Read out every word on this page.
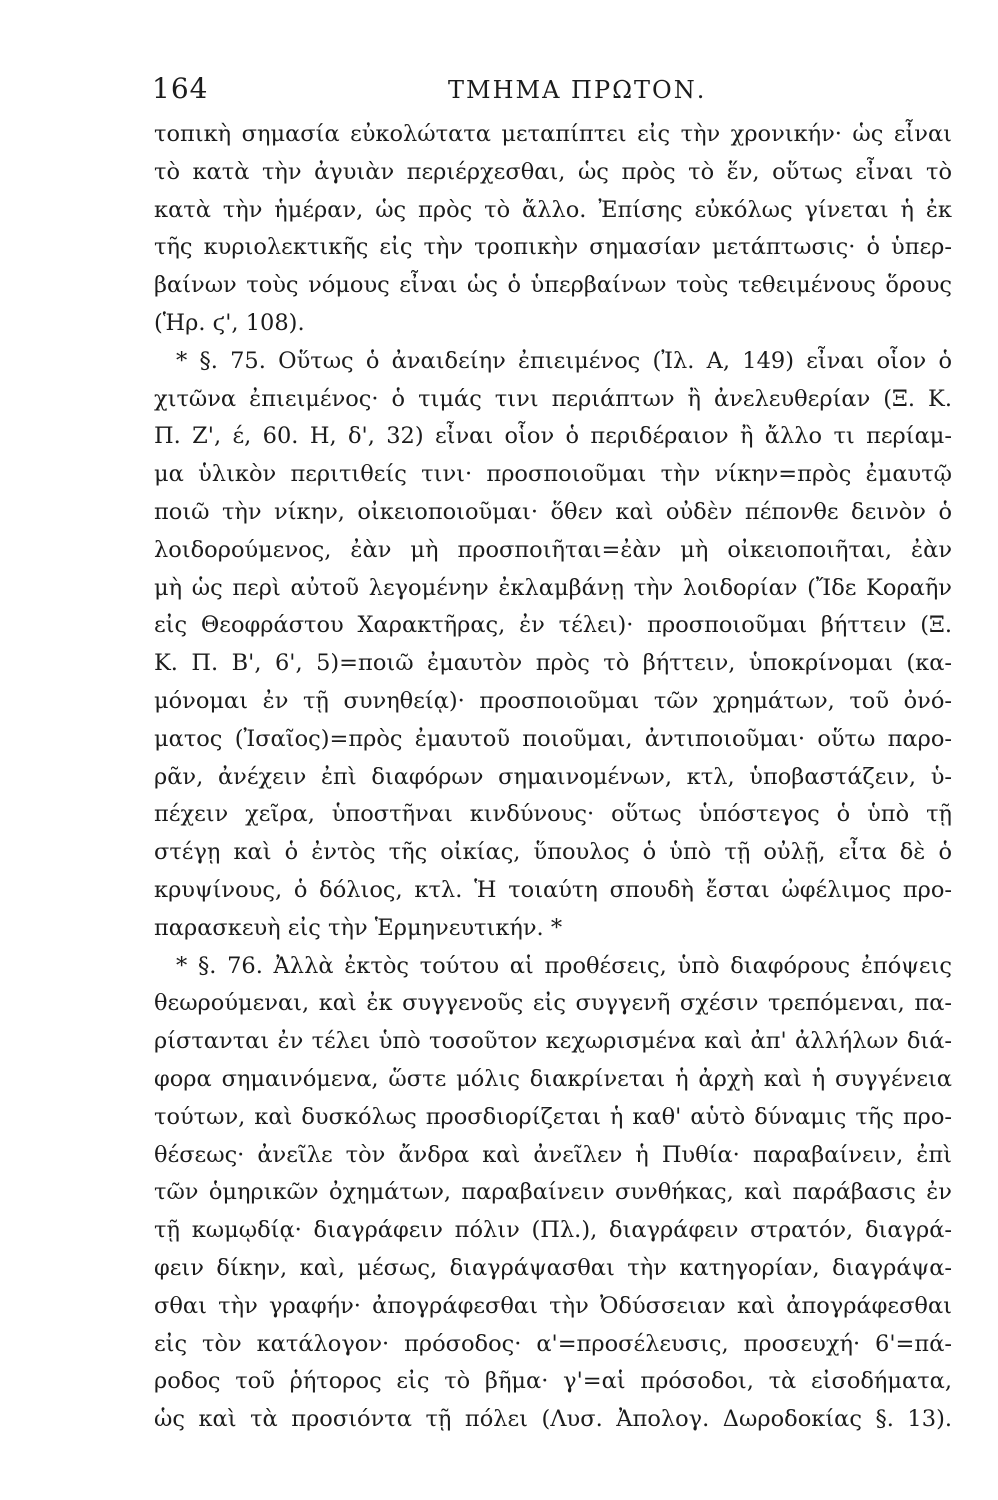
164	ΤΜΗΜΑ ΠΡΩΤΟΝ.
τοπικὴ σημασία εὐκολώτατα μεταπίπτει εἰς τὴν χρονικήν· ὡς εἶναι
τὸ κατὰ τὴν ἀγυιὰν περιέρχεσθαι, ὡς πρὸς τὸ ἕν, οὕτως εἶναι τὸ
κατὰ τὴν ἡμέραν, ὡς πρὸς τὸ ἄλλο. Ἐπίσης εὐκόλως γίνεται ἡ ἐκ
τῆς κυριολεκτικῆς εἰς τὴν τροπικὴν σημασίαν μετάπτωσις· ὁ ὑπερ-
βαίνων τοὺς νόμους εἶναι ὡς ὁ ὑπερβαίνων τοὺς τεθειμένους ὅρους
(Ἡρ. ϛ', 108).
* §. 75. Οὕτως ὁ ἀναιδείην ἐπιειμένος (Ἰλ. Α, 149) εἶναι οἷον ὁ
χιτῶνα ἐπιειμένος· ὁ τιμάς τινι περιάπτων ἢ ἀνελευθερίαν (Ξ. Κ.
Π. Ζ', έ, 60. Η, δ', 32) εἶναι οἷον ὁ περιδέραιον ἢ ἄλλο τι περίαμ-
μα ὑλικὸν περιτιθείς τινι· προσποιοῦμαι τὴν νίκην=πρὸς ἐμαυτῷ
ποιῶ τὴν νίκην, οἰκειοποιοῦμαι· ὅθεν καὶ οὐδὲν πέπονθε δεινὸν ὁ
λοιδορούμενος, ἐὰν μὴ προσποιῆται=ἐὰν μὴ οἰκειοποιῆται, ἐὰν
μὴ ὡς περὶ αὐτοῦ λεγομένην ἐκλαμβάνῃ τὴν λοιδορίαν (Ἴδε Κοραῆν
εἰς Θεοφράστου Χαρακτῆρας, ἐν τέλει)· προσποιοῦμαι βήττειν (Ξ.
Κ. Π. Β', 6', 5)=ποιῶ ἐμαυτὸν πρὸς τὸ βήττειν, ὑποκρίνομαι (κα-
μόνομαι ἐν τῇ συνηθείᾳ)· προσποιοῦμαι τῶν χρημάτων, τοῦ ὀνό-
ματος (Ἰσαῖος)=πρὸς ἐμαυτοῦ ποιοῦμαι, ἀντιποιοῦμαι· οὕτω παρο-
ρᾶν, ἀνέχειν ἐπὶ διαφόρων σημαινομένων, κτλ, ὑποβαστάζειν, ὑ-
πέχειν χεῖρα, ὑποστῆναι κινδύνους· οὕτως ὑπόστεγος ὁ ὑπὸ τῇ
στέγῃ καὶ ὁ ἐντὸς τῆς οἰκίας, ὕπουλος ὁ ὑπὸ τῇ οὐλῇ, εἶτα δὲ ὁ
κρυψίνους, ὁ δόλιος, κτλ. Ἡ τοιαύτη σπουδὴ ἔσται ὠφέλιμος προ-
παρασκευὴ εἰς τὴν Ἑρμηνευτικήν. *
* §. 76. Ἀλλὰ ἐκτὸς τούτου αἱ προθέσεις, ὑπὸ διαφόρους ἐπόψεις
θεωρούμεναι, καὶ ἐκ συγγενοῦς εἰς συγγενῆ σχέσιν τρεπόμεναι, πα-
ρίστανται ἐν τέλει ὑπὸ τοσοῦτον κεχωρισμένα καὶ ἀπ' ἀλλήλων διά-
φορα σημαινόμενα, ὥστε μόλις διακρίνεται ἡ ἀρχὴ καὶ ἡ συγγένεια
τούτων, καὶ δυσκόλως προσδιορίζεται ἡ καθ' αὑτὸ δύναμις τῆς προ-
θέσεως· ἀνεῖλε τὸν ἄνδρα καὶ ἀνεῖλεν ἡ Πυθία· παραβαίνειν, ἐπὶ
τῶν ὁμηρικῶν ὀχημάτων, παραβαίνειν συνθήκας, καὶ παράβασις ἐν
τῇ κωμῳδίᾳ· διαγράφειν πόλιν (Πλ.), διαγράφειν στρατόν, διαγρά-
φειν δίκην, καὶ, μέσως, διαγράψασθαι τὴν κατηγορίαν, διαγράψα-
σθαι τὴν γραφήν· ἀπογράφεσθαι τὴν Ὀδύσσειαν καὶ ἀπογράφεσθαι
εἰς τὸν κατάλογον· πρόσοδος· α'=προσέλευσις, προσευχή· 6'=πά-
ροδος τοῦ ῥήτορος εἰς τὸ βῆμα· γ'=αἱ πρόσοδοι, τὰ εἰσοδήματα,
ὡς καὶ τὰ προσιόντα τῇ πόλει (Λυσ. Ἀπολογ. Δωροδοκίας §. 13).
